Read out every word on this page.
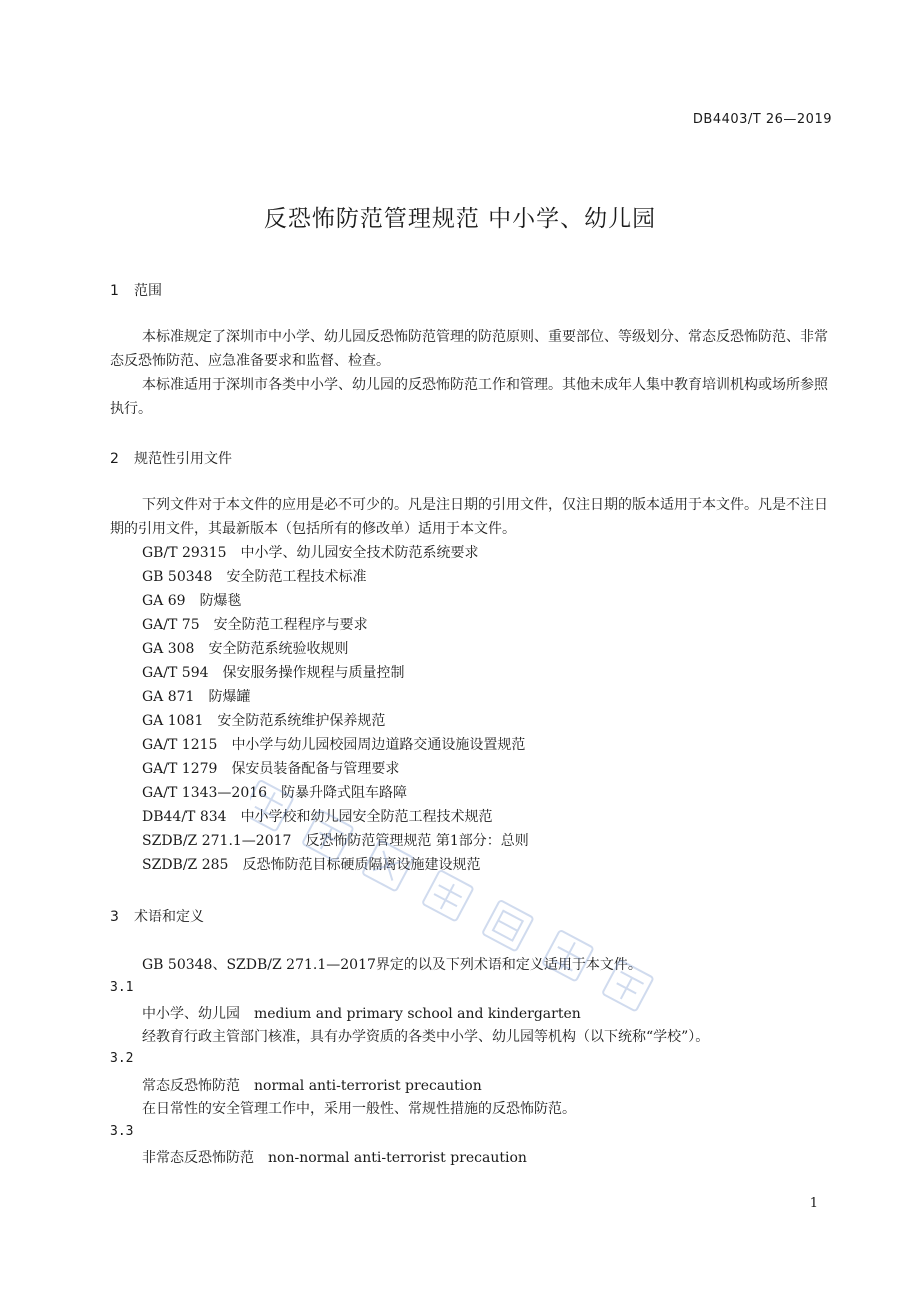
DB4403/T 26—2019
反恐怖防范管理规范 中小学、幼儿园
1 范围
本标准规定了深圳市中小学、幼儿园反恐怖防范管理的防范原则、重要部位、等级划分、常态反恐怖防范、非常态反恐怖防范、应急准备要求和监督、检查。
本标准适用于深圳市各类中小学、幼儿园的反恐怖防范工作和管理。其他未成年人集中教育培训机构或场所参照执行。
2 规范性引用文件
下列文件对于本文件的应用是必不可少的。凡是注日期的引用文件，仅注日期的版本适用于本文件。凡是不注日期的引用文件，其最新版本（包括所有的修改单）适用于本文件。
GB/T 29315 中小学、幼儿园安全技术防范系统要求
GB 50348 安全防范工程技术标准
GA 69 防爆毯
GA/T 75 安全防范工程程序与要求
GA 308 安全防范系统验收规则
GA/T 594 保安服务操作规程与质量控制
GA 871 防爆罐
GA 1081 安全防范系统维护保养规范
GA/T 1215 中小学与幼儿园校园周边道路交通设施设置规范
GA/T 1279 保安员装备配备与管理要求
GA/T 1343—2016 防暴升降式阻车路障
DB44/T 834 中小学校和幼儿园安全防范工程技术规范
SZDB/Z 271.1—2017 反恐怖防范管理规范 第1部分：总则
SZDB/Z 285 反恐怖防范目标硬质隔离设施建设规范
3 术语和定义
GB 50348、SZDB/Z 271.1—2017界定的以及下列术语和定义适用于本文件。
3.1
中小学、幼儿园 medium and primary school and kindergarten
经教育行政主管部门核准，具有办学资质的各类中小学、幼儿园等机构（以下统称“学校”）。
3.2
常态反恐怖防范 normal anti-terrorist precaution
在日常性的安全管理工作中，采用一般性、常规性措施的反恐怖防范。
3.3
非常态反恐怖防范 non-normal anti-terrorist precaution
1
